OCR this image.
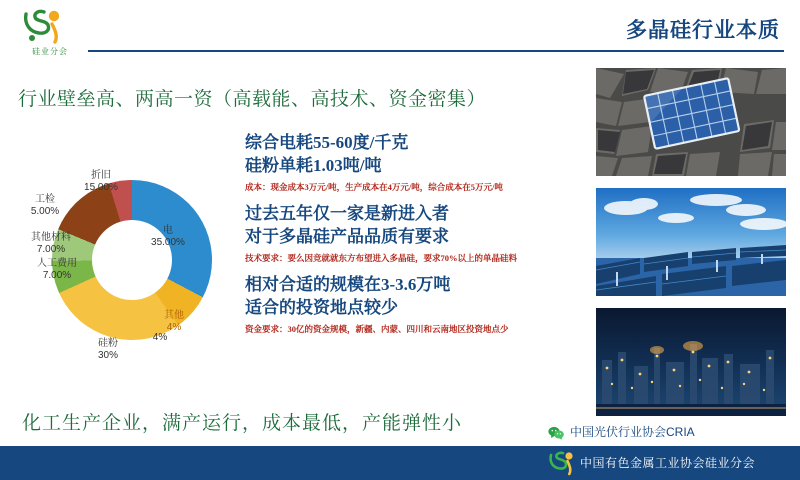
硅业分会
多晶硅行业本质
行业壁垒高、两高一资（高载能、高技术、资金密集）
电
35.00%
其他
4%
4%
硅粉
30%
人工费用
7.00%
其他材料
7.00%
折旧
15.00%
工检
5.00%
综合电耗55-60度/千克
硅粉单耗1.03吨/吨
成本：现金成本3万元/吨，生产成本在4万元/吨，综合成本在5万元/吨
过去五年仅一家是新进入者
对于多晶硅产品品质有要求
技术要求：要么因竞就就东方布望进入多晶硅，要求70%以上的单晶硅料
相对合适的规模在3-3.6万吨
适合的投资地点较少
资金要求：30亿的资金规模，新疆、内蒙、四川和云南地区投资地点少
化工生产企业，满产运行，成本最低，产能弹性小	中国光伏行业协会CRIA
中国有色金属工业协会硅业分会
